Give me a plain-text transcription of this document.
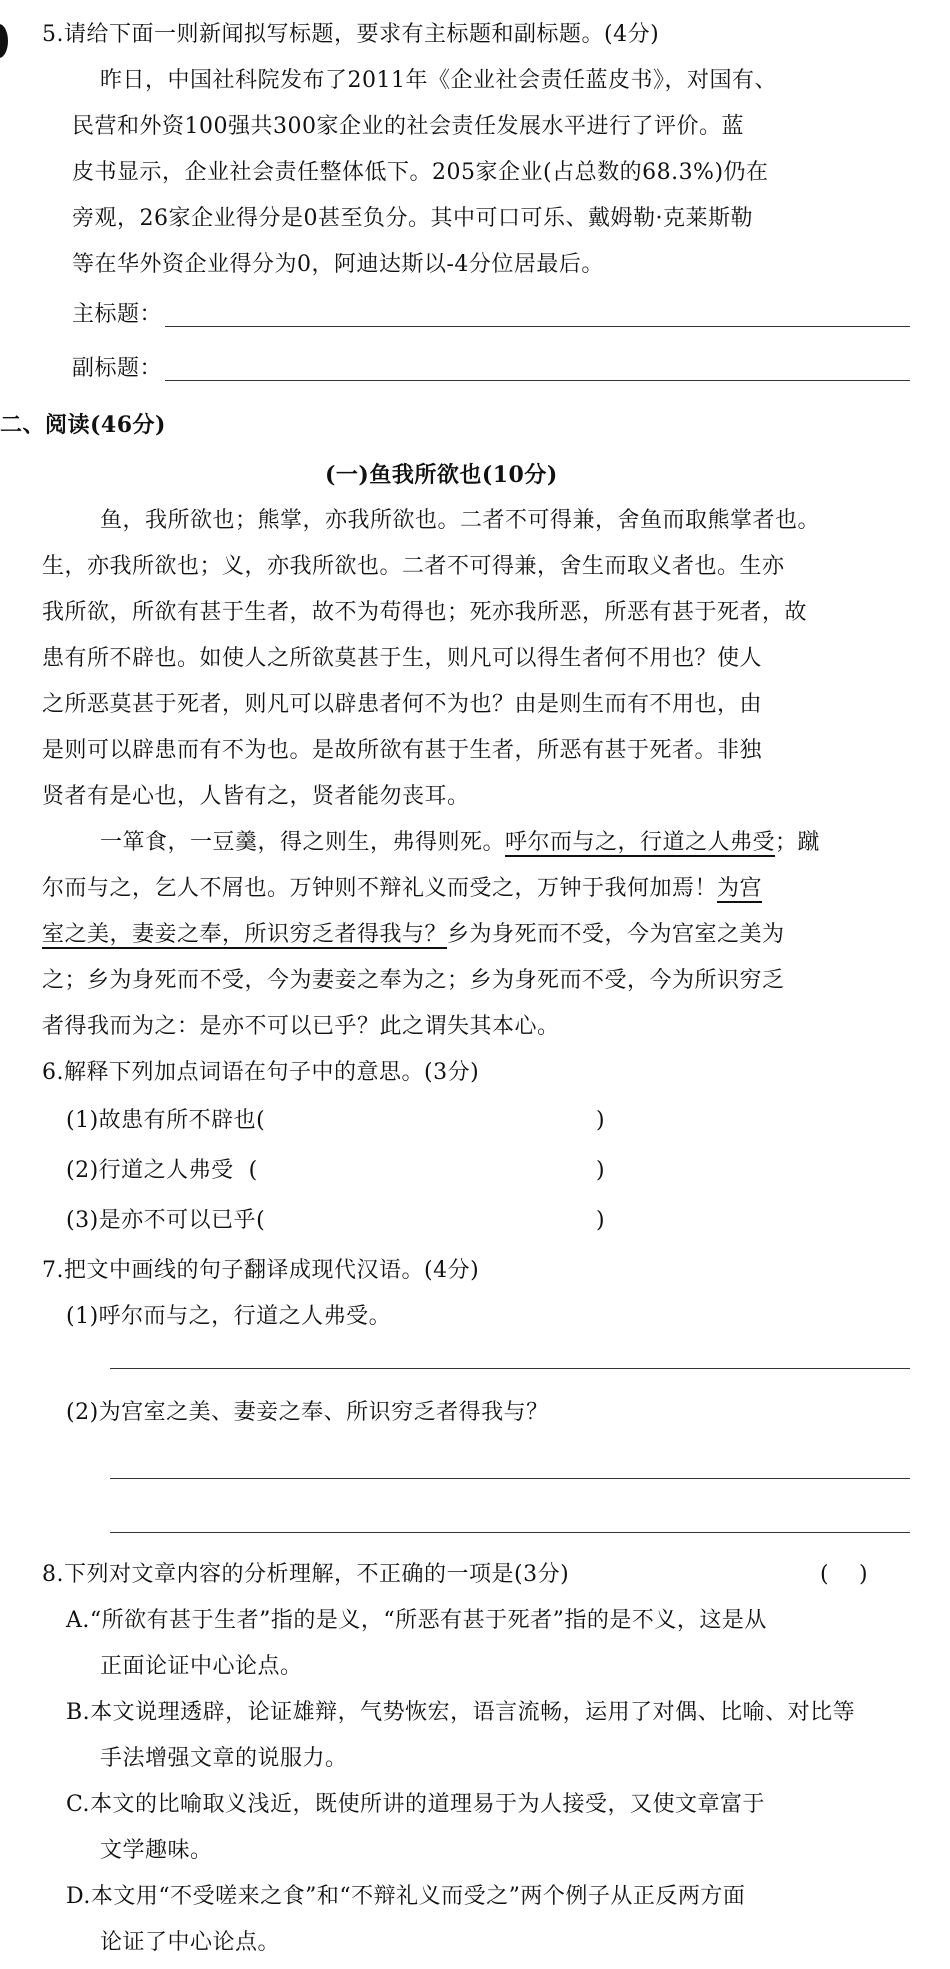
5.请给下面一则新闻拟写标题，要求有主标题和副标题。(4分)
昨日，中国社科院发布了2011年《企业社会责任蓝皮书》，对国有、
民营和外资100强共300家企业的社会责任发展水平进行了评价。蓝
皮书显示，企业社会责任整体低下。205家企业(占总数的68.3%)仍在
旁观，26家企业得分是0甚至负分。其中可口可乐、戴姆勒·克莱斯勒
等在华外资企业得分为0，阿迪达斯以-4分位居最后。
主标题：
副标题：
二、阅读(46分)
(一)鱼我所欲也(10分)
鱼，我所欲也；熊掌，亦我所欲也。二者不可得兼，舍鱼而取熊掌者也。
生，亦我所欲也；义，亦我所欲也。二者不可得兼，舍生而取义者也。生亦
我所欲，所欲有甚于生者，故不为苟得也；死亦我所恶，所恶有甚于死者，故
患有所不辟也。如使人之所欲莫甚于生，则凡可以得生者何不用也？使人
之所恶莫甚于死者，则凡可以辟患者何不为也？由是则生而有不用也，由
是则可以辟患而有不为也。是故所欲有甚于生者，所恶有甚于死者。非独
贤者有是心也，人皆有之，贤者能勿丧耳。
一箪食，一豆羹，得之则生，弗得则死。呼尔而与之，行道之人弗受；蹴
尔而与之，乞人不屑也。万钟则不辩礼义而受之，万钟于我何加焉！为宫
室之美，妻妾之奉，所识穷乏者得我与？乡为身死而不受，今为宫室之美为
之；乡为身死而不受，今为妻妾之奉为之；乡为身死而不受，今为所识穷乏
者得我而为之：是亦不可以已乎？此之谓失其本心。
6.解释下列加点词语在句子中的意思。(3分)
(1)故患有所不辟也(	)
(2)行道之人弗受  (	)
(3)是亦不可以已乎(	)
7.把文中画线的句子翻译成现代汉语。(4分)
(1)呼尔而与之，行道之人弗受。
(2)为宫室之美、妻妾之奉、所识穷乏者得我与？
8.下列对文章内容的分析理解，不正确的一项是(3分)	(    )
A.“所欲有甚于生者”指的是义，“所恶有甚于死者”指的是不义，这是从
正面论证中心论点。
B.本文说理透辟，论证雄辩，气势恢宏，语言流畅，运用了对偶、比喻、对比等
手法增强文章的说服力。
C.本文的比喻取义浅近，既使所讲的道理易于为人接受，又使文章富于
文学趣味。
D.本文用“不受嗟来之食”和“不辩礼义而受之”两个例子从正反两方面
论证了中心论点。
